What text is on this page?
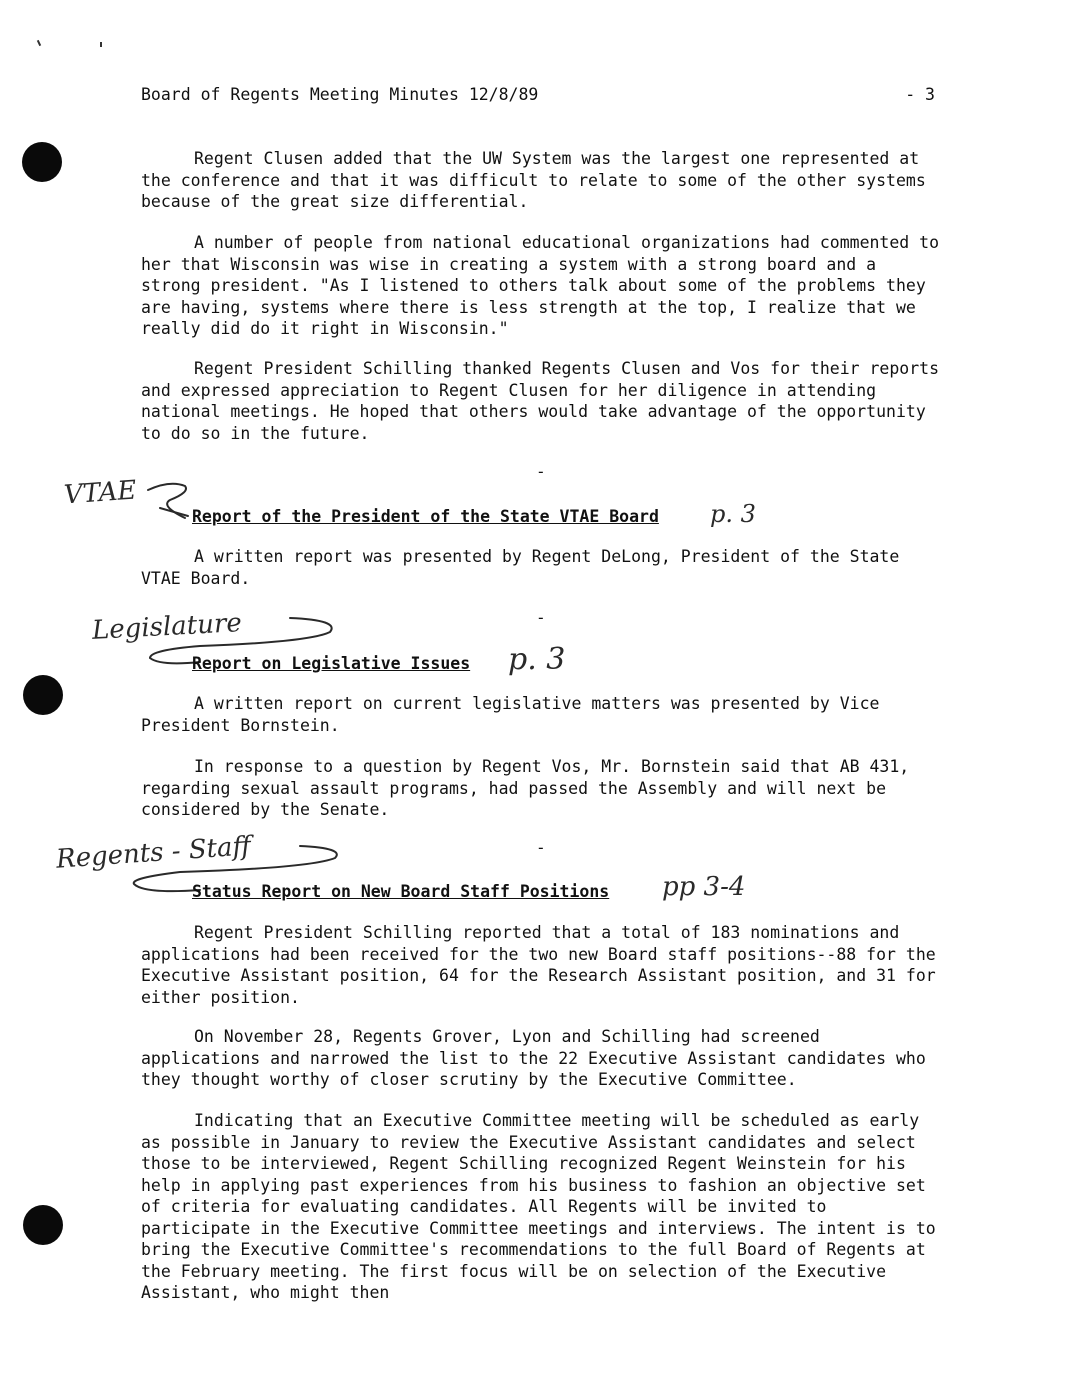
Board of Regents Meeting Minutes 12/8/89	- 3

Regent Clusen added that the UW System was the largest one represented at the conference and that it was difficult to relate to some of the other systems because of the great size differential.

A number of people from national educational organizations had commented to her that Wisconsin was wise in creating a system with a strong board and a strong president. "As I listened to others talk about some of the problems they are having, systems where there is less strength at the top, I realize that we really did do it right in Wisconsin."

Regent President Schilling thanked Regents Clusen and Vos for their reports and expressed appreciation to Regent Clusen for her diligence in attending national meetings. He hoped that others would take advantage of the opportunity to do so in the future.

-
VTAE
Report of the President of the State VTAE Board p. 3

A written report was presented by Regent DeLong, President of the State VTAE Board.

-
Legislature
Report on Legislative Issues p. 3

A written report on current legislative matters was presented by Vice President Bornstein.

In response to a question by Regent Vos, Mr. Bornstein said that AB 431, regarding sexual assault programs, had passed the Assembly and will next be considered by the Senate.

-
Regents - Staff
Status Report on New Board Staff Positions pp 3-4

Regent President Schilling reported that a total of 183 nominations and applications had been received for the two new Board staff positions--88 for the Executive Assistant position, 64 for the Research Assistant position, and 31 for either position.

On November 28, Regents Grover, Lyon and Schilling had screened applications and narrowed the list to the 22 Executive Assistant candidates who they thought worthy of closer scrutiny by the Executive Committee.

Indicating that an Executive Committee meeting will be scheduled as early as possible in January to review the Executive Assistant candidates and select those to be interviewed, Regent Schilling recognized Regent Weinstein for his help in applying past experiences from his business to fashion an objective set of criteria for evaluating candidates. All Regents will be invited to participate in the Executive Committee meetings and interviews. The intent is to bring the Executive Committee's recommendations to the full Board of Regents at the February meeting. The first focus will be on selection of the Executive Assistant, who might then
